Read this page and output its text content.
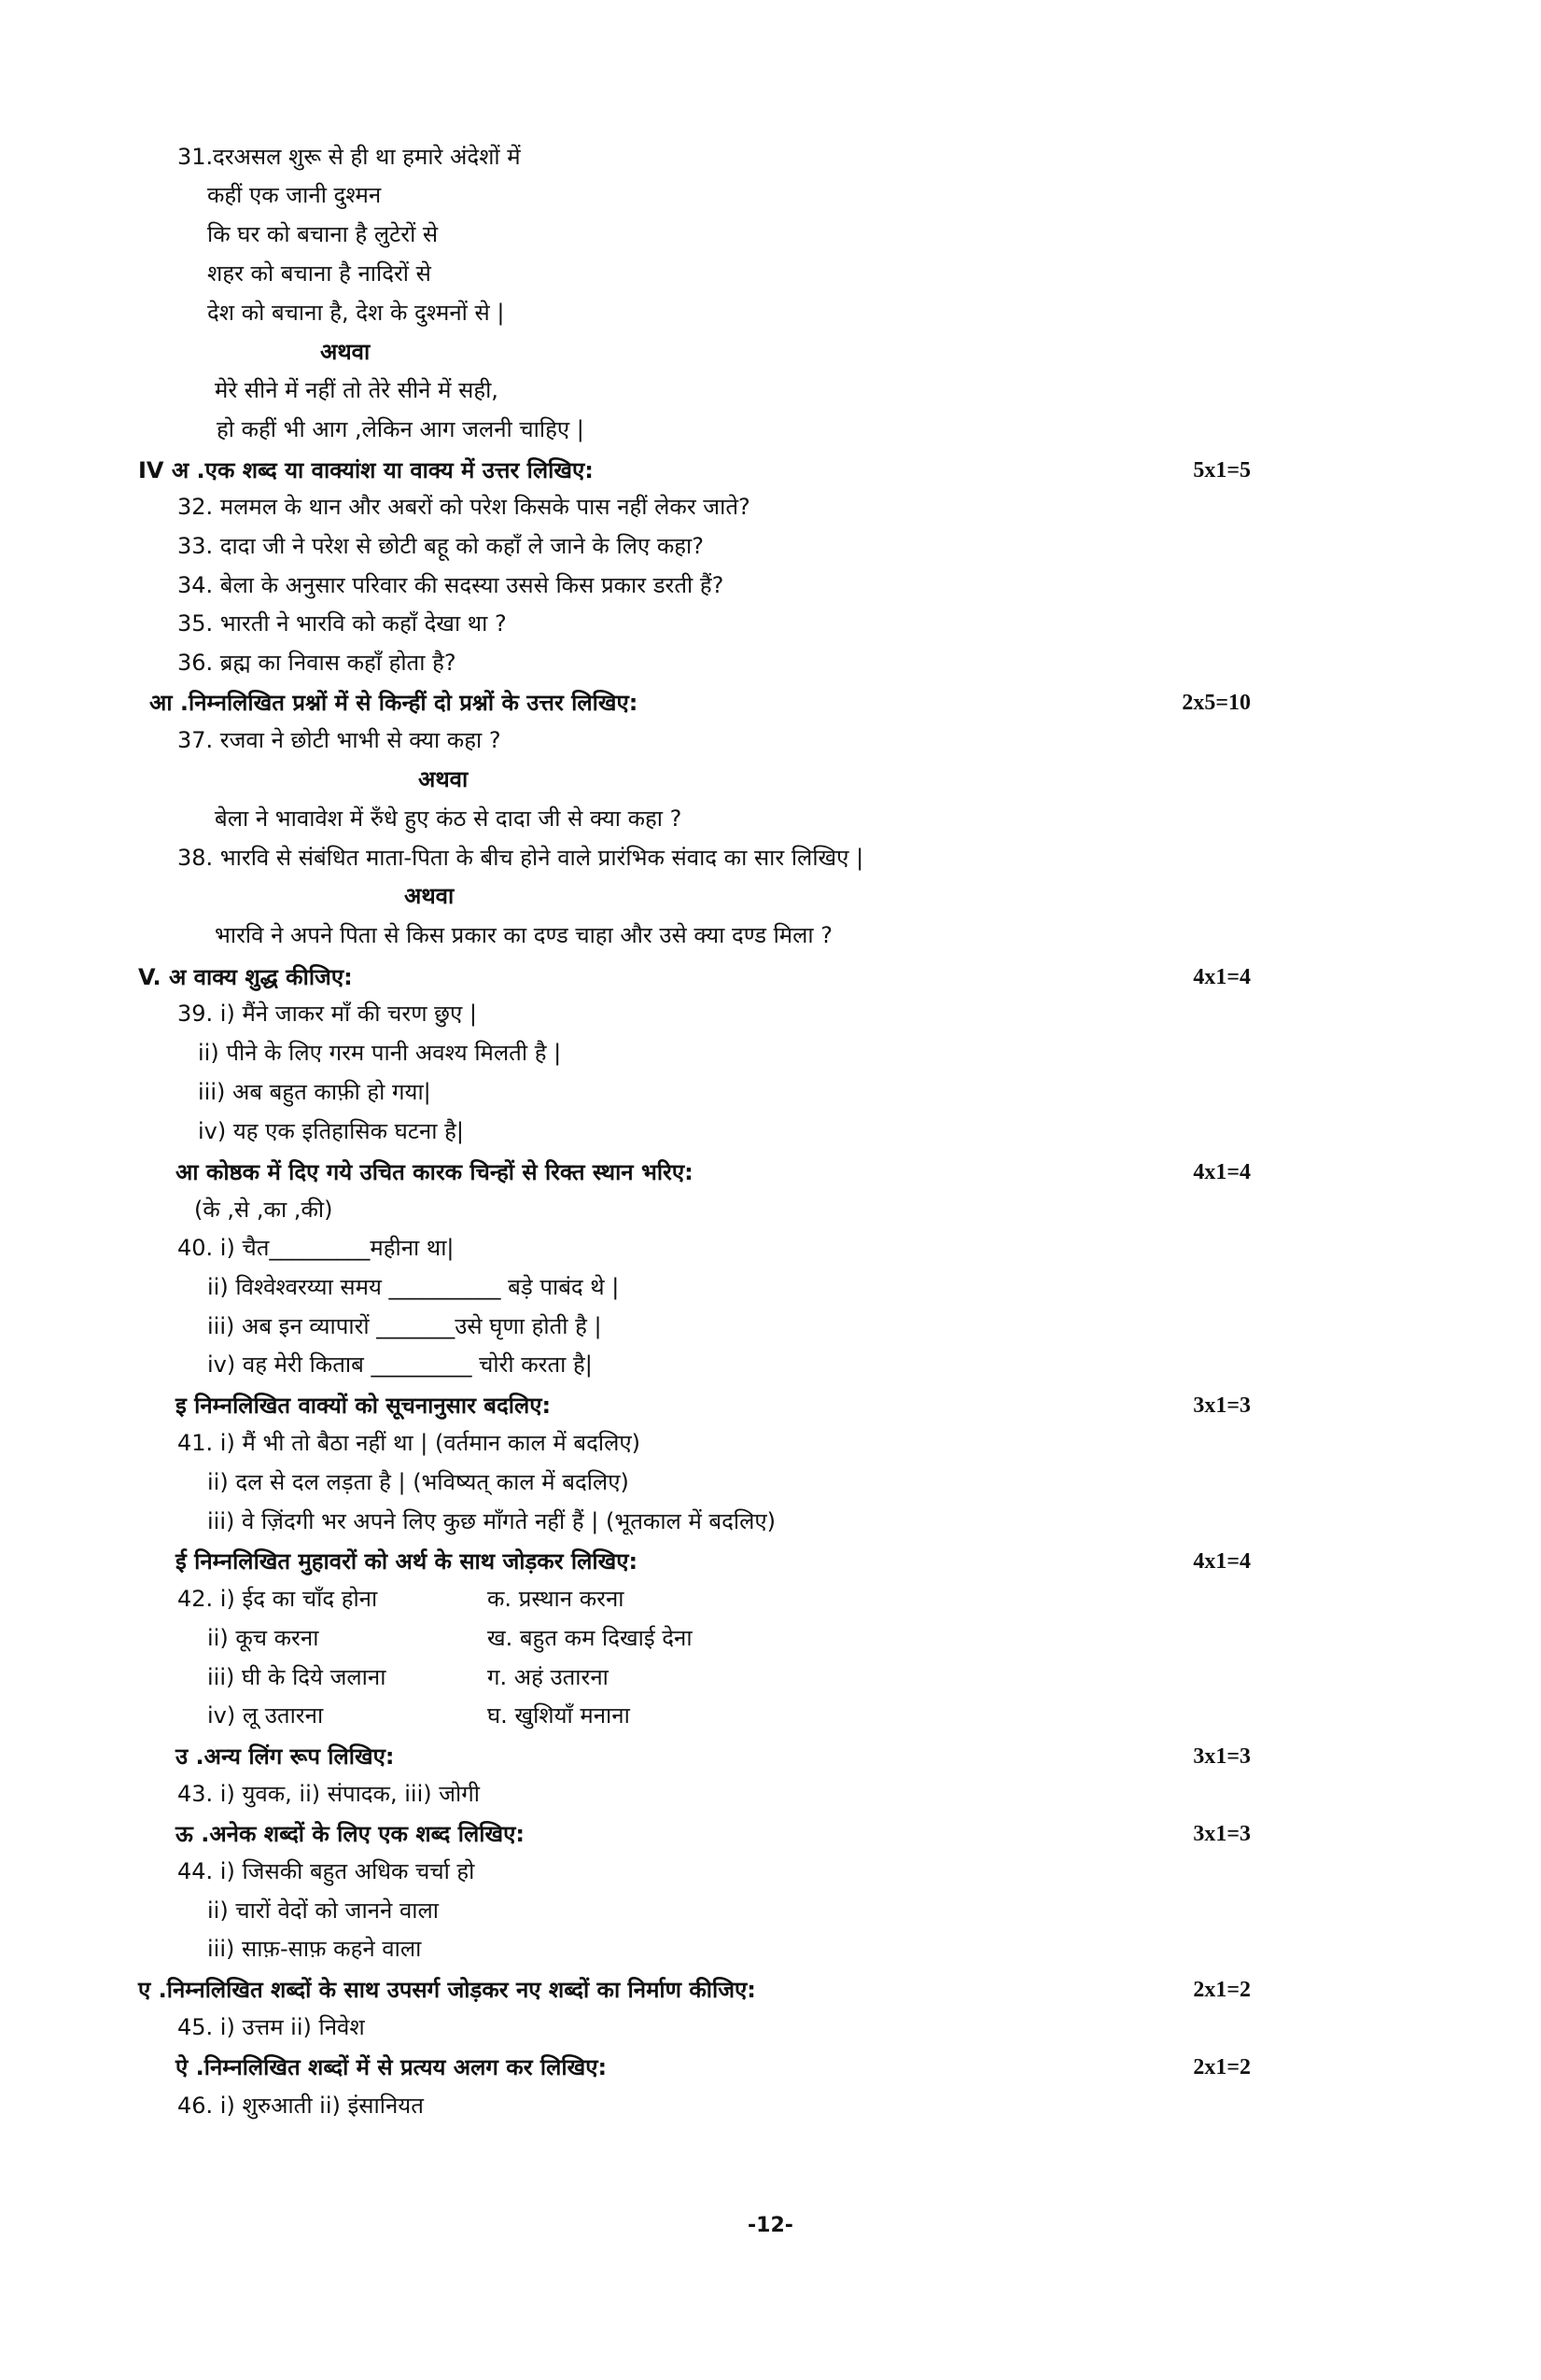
31. दरअसल शुरू से ही था हमारे अंदेशों में
कहीं एक जानी दुश्मन
कि घर को बचाना है लुटेरों से
शहर को बचाना है नादिरों से
देश को बचाना है, देश के दुश्मनों से |
अथवा
मेरे सीने में नहीं तो तेरे सीने में सही,
हो कहीं भी आग ,लेकिन आग जलनी चाहिए |
IV अ .एक शब्द या वाक्यांश या वाक्य में उत्तर लिखिए:	5x1=5
32. मलमल के थान और अबरों को परेश किसके पास नहीं लेकर जाते?
33. दादा जी ने परेश से छोटी बहू को कहाँ ले जाने के लिए कहा?
34. बेला के अनुसार परिवार की सदस्या उससे किस प्रकार डरती हैं?
35. भारती ने भारवि को कहाँ देखा था ?
36. ब्रह्म का निवास कहाँ होता है?
आ .निम्नलिखित प्रश्नों में से किन्हीं दो प्रश्नों के उत्तर लिखिए:	2x5=10
37. रजवा ने छोटी भाभी से क्या कहा ?
अथवा
बेला ने भावावेश में रुँधे हुए कंठ से दादा जी से क्या कहा ?
38. भारवि से संबंधित माता-पिता के बीच होने वाले प्रारंभिक संवाद का सार लिखिए |
अथवा
भारवि ने अपने पिता से किस प्रकार का दण्ड चाहा और उसे क्या दण्ड मिला ?
V. अ वाक्य शुद्ध कीजिए:	4x1=4
39. i) मैंने जाकर माँ की चरण छुए |
ii) पीने के लिए गरम पानी अवश्य मिलती है |
iii) अब बहुत काफ़ी हो गया|
iv) यह एक इतिहासिक घटना है|
आ कोष्ठक में दिए गये उचित कारक चिन्हों से रिक्त स्थान भरिए:	4x1=4
(के ,से ,का ,की)
40. i) चैत_________महीना था|
ii) विश्वेश्वरय्या समय __________ बड़े पाबंद थे |
iii) अब इन व्यापारों _______उसे घृणा होती है |
iv) वह मेरी किताब _________ चोरी करता है|
इ निम्नलिखित वाक्यों को सूचनानुसार बदलिए:	3x1=3
41. i) मैं भी तो बैठा नहीं था | (वर्तमान काल में बदलिए)
ii) दल से दल लड़ता है | (भविष्यत् काल में बदलिए)
iii) वे ज़िंदगी भर अपने लिए कुछ माँगते नहीं हैं | (भूतकाल में बदलिए)
ई निम्नलिखित मुहावरों को अर्थ के साथ जोड़कर लिखिए:	4x1=4
42. i) ईद का चाँद होना	क. प्रस्थान करना
ii) कूच करना	ख. बहुत कम दिखाई देना
iii) घी के दिये जलाना	ग. अहं उतारना
iv) लू उतारना	घ. खुशियाँ मनाना
उ .अन्य लिंग रूप लिखिए:	3x1=3
43. i) युवक, ii) संपादक, iii) जोगी
ऊ .अनेक शब्दों के लिए एक शब्द लिखिए:	3x1=3
44. i) जिसकी बहुत अधिक चर्चा हो
ii) चारों वेदों को जानने वाला
iii) साफ़-साफ़ कहने वाला
ए .निम्नलिखित शब्दों के साथ उपसर्ग जोड़कर नए शब्दों का निर्माण कीजिए:	2x1=2
45. i) उत्तम ii) निवेश
ऐ .निम्नलिखित शब्दों में से प्रत्यय अलग कर लिखिए:	2x1=2
46. i) शुरुआती ii) इंसानियत
-12-
